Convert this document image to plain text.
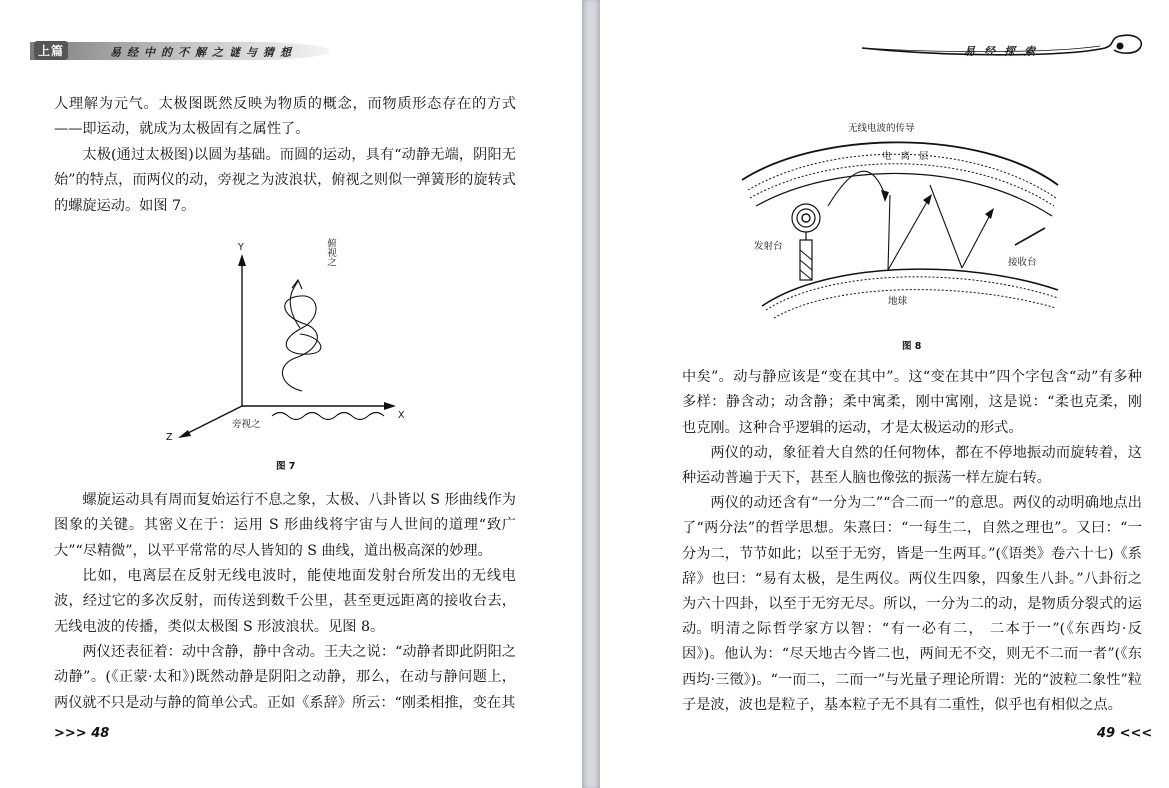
上篇	易经中的不解之谜与猜想

人理解为元气。太极图既然反映为物质的概念，而物质形态存在的方式——即运动，就成为太极固有之属性了。

太极(通过太极图)以圆为基础。而圆的运动，具有“动静无端，阴阳无始”的特点，而两仪的动，旁视之为波浪状，俯视之则似一弹簧形的旋转式的螺旋运动。如图 7。

Y
X
Z
俯视之
旁视之
图 7

螺旋运动具有周而复始运行不息之象，太极、八卦皆以 S 形曲线作为图象的关键。其密义在于：运用 S 形曲线将宇宙与人世间的道理“致广大”“尽精微”，以平平常常的尽人皆知的 S 曲线，道出极高深的妙理。

比如，电离层在反射无线电波时，能使地面发射台所发出的无线电波，经过它的多次反射，而传送到数千公里，甚至更远距离的接收台去，无线电波的传播，类似太极图 S 形波浪状。见图 8。

两仪还表征着：动中含静，静中含动。王夫之说：“动静者即此阴阳之动静”。(《正蒙·太和》)既然动静是阴阳之动静，那么，在动与静问题上，两仪就不只是动与静的简单公式。正如《系辞》所云：“刚柔相推，变在其

>>> 48
易经探索
无线电波的传导
电 离 层
发射台
接收台
地球
图 8

中矣”。动与静应该是“变在其中”。这“变在其中”四个字包含“动”有多种多样：静含动；动含静；柔中寓柔，刚中寓刚，这是说：“柔也克柔，刚也克刚。这种合乎逻辑的运动，才是太极运动的形式。

两仪的动，象征着大自然的任何物体，都在不停地振动而旋转着，这种运动普遍于天下，甚至人脑也像弦的振荡一样左旋右转。

两仪的动还含有“一分为二”“合二而一”的意思。两仪的动明确地点出了“两分法”的哲学思想。朱熹曰：“一每生二，自然之理也”。又曰：“一分为二，节节如此；以至于无穷，皆是一生两耳。”(《语类》卷六十七)《系辞》也曰：“易有太极，是生两仪。两仪生四象，四象生八卦。”八卦衍之为六十四卦，以至于无穷无尽。所以，一分为二的动，是物质分裂式的运动。 明清之际哲学家方以智：“有一必有二， 二本于一”(《东西均·反因》)。他认为：“尽天地古今皆二也，两间无不交，则无不二而一者”(《东西均·三徵》)。“一而二，二而一”与光量子理论所谓：光的“波粒二象性”粒子是波，波也是粒子，基本粒子无不具有二重性，似乎也有相似之点。

49 <<<
